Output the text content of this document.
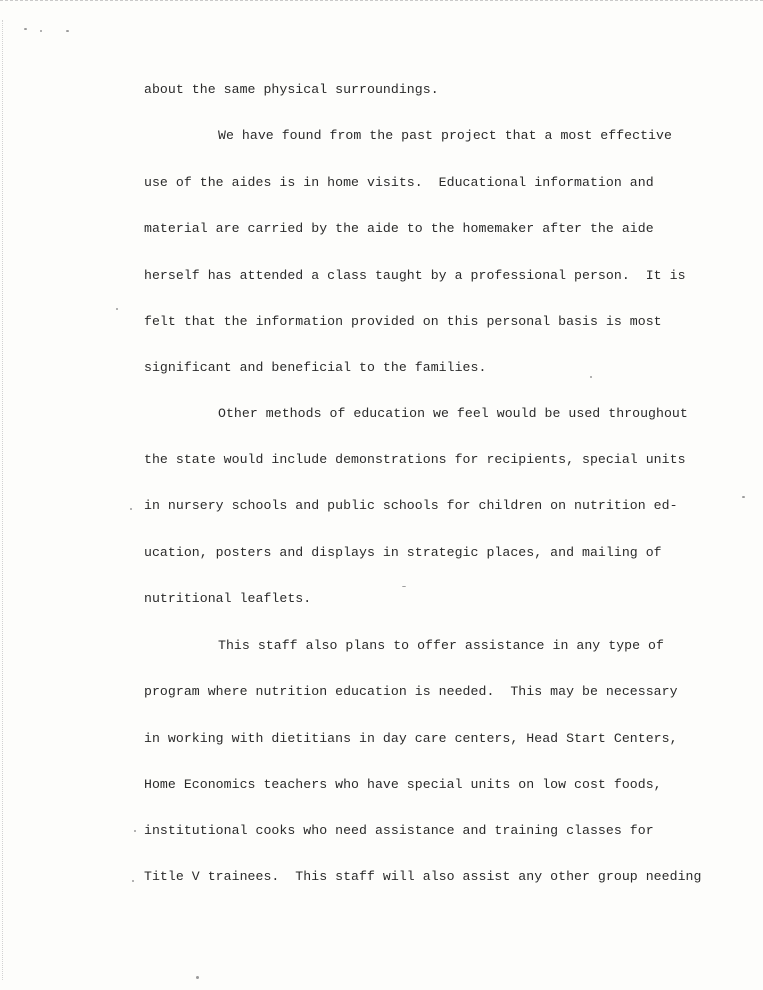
about the same physical surroundings.

We have found from the past project that a most effective

use of the aides is in home visits.  Educational information and

material are carried by the aide to the homemaker after the aide

herself has attended a class taught by a professional person.  It is

felt that the information provided on this personal basis is most

significant and beneficial to the families.

Other methods of education we feel would be used throughout

the state would include demonstrations for recipients, special units

in nursery schools and public schools for children on nutrition ed-

ucation, posters and displays in strategic places, and mailing of

nutritional leaflets.

This staff also plans to offer assistance in any type of

program where nutrition education is needed.  This may be necessary

in working with dietitians in day care centers, Head Start Centers,

Home Economics teachers who have special units on low cost foods,

institutional cooks who need assistance and training classes for

Title V trainees.  This staff will also assist any other group needing
